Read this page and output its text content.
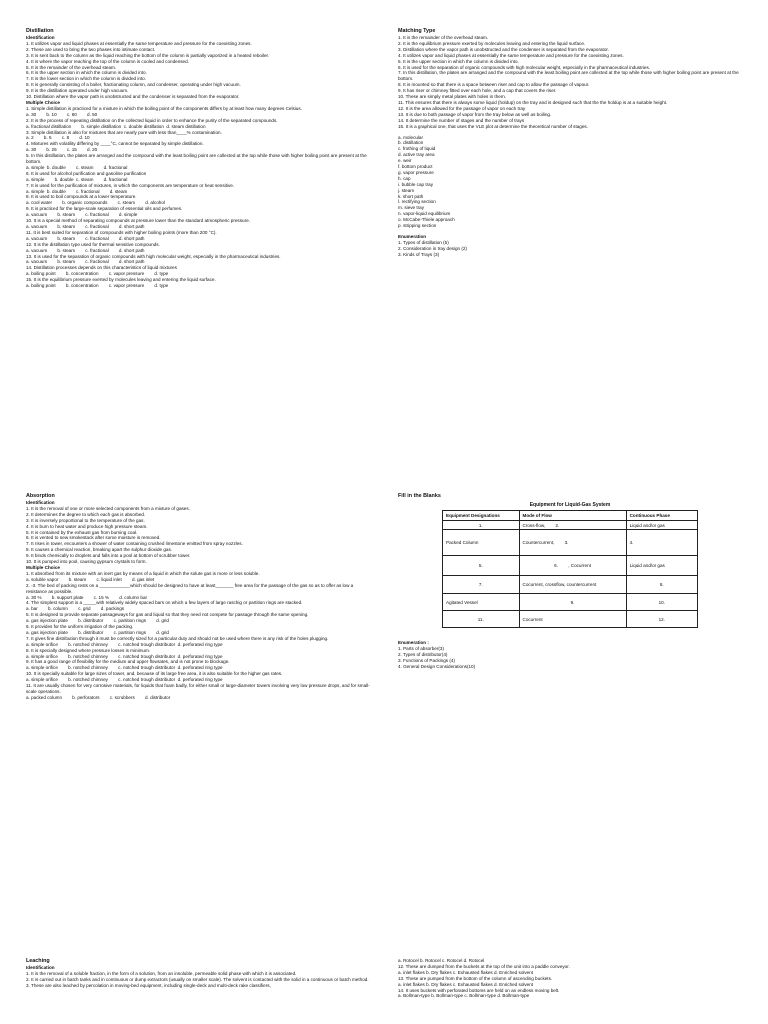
Distillation
Identification

1. It utilizes vapor and liquid phases at essentially the same temperature and pressure for the coexisting zones.

2. These are used to bring the two phases into intimate contact.

3. It is sent back to the column as the liquid reaching the bottom of the column is partially vaporized in a heated reboiler.

4. It is where the vapor reaching the top of the column is cooled and condensed.

5. It is the remainder of the overhead steam.

6. It is the upper section in which the column is divided into.

7. It is the lower section in which the column is divided into.

8. It is generally consisting of a boiler, fractionating column, and condenser, operating under high vacuum.

9. It is the distillation operated under high vacuum.

10. Distillation where the vapor path is unobstructed and the condenser is separated from the evaporator.

Multiple Choice

1. Simple distillation is practiced for a mixture in which the boiling point of the components differs by at least how many degrees Celsius.

a. 30        b. 10        c. 60        d. 50

2. It is the process of repeating distillation on the collected liquid in order to enhance the purity of the separated compounds.

a. fractional distillation        b. simple distillation  c. double distillation  d. steam distillation

3. Simple distillation is also for mixtures that are nearly pure with less than____% contamination.

a. 2        b. 5        c. 8        d. 10

4. Mixtures with volatility differing by ____°C, cannot be separated by simple distillation.

a. 30        b. 25        c. 15        d. 20

5. In this distillation, the plates are arranged and the compound with the least boiling point are collected at the top while those with higher boiling point are present at the bottom.

a. simple  b. double        c. steam        d. fractional

6. It is used for alcohol purification and gasoline purification

a. simple        b. double  c. steam        d. fractional

7. It is used for the purification of mixtures, in which the components are temperature or heat sensitive.

a. simple  b. double        c. fractional        d. steam

8. It is used to boil compounds at a lower temperature.

a. cool water        b. organic compounds        c. steam        d. alcohol

9. It is practiced for the large-scale separation of essential oils and perfumes.

a. vacuum        b. steam        c. fractional        d. simple

10. It is a special method of separating compounds at pressure lower than the standard atmospheric pressure.

a. vacuum        b. steam        c. fractional        d. short path

11. It is best suited for separation of compounds with higher boiling points (more than 200 °C).

a. vacuum        b. steam        c. fractional        d. short path

12. It is the distillation type used for thermal sensitive compounds.

a. vacuum        b. steam        c. fractional        d. short path

13. It is used for the separation of organic compounds with high molecular weight, especially in the pharmaceutical industries.

a. vacuum        b. steam        c. fractional        d. short path

14. Distillation processes depends on this characteristics of liquid mixtures

a. boiling point        b. concentration        c. vapor pressure        d. type

15. It is the equilibrium pressure exerted by molecules leaving and entering the liquid surface.

a. boiling point        b. concentration        c. vapor pressure        d. type

Matching Type

1. It is the remainder of the overhead steam.

2. It is the equilibrium pressure exerted by molecules leaving and entering the liquid surface.

3. Distillation where the vapor path is unobstructed and the condenser is separated from the evaporator.

4. It utilizes vapor and liquid phases at essentially the same temperature and pressure for the coexisting zones.

5. It is the upper section in which the column is divided into.

6. It is used for the separation of organic compounds with high molecular weight, especially in the pharmaceutical industries.

7. In this distillation, the plates are arranged and the compound with the least boiling point are collected at the top while those with higher boiling point are present at the bottom.

8. It is mounted so that there is a space between riser and cap to allow the passage of vapour.

9. It has riser or chimney fitted over each hole, and a cap that covers the riser.

10. These are simply metal plates with holes in them.

11. This ensures that there is always some liquid (holdup) on the tray and is designed such that the the holdup is at a suitable height.

12. It is the area allowed for the passage of vapor on each tray

13. It is due to both passage of vapor from the tray below as well as boiling.

14. It determine the number of stages and the number of trays

15. It is a graphical one, that uses the VLE plot at determine the theoretical number of stages.

a. molecular

b. distillation

c. frothing of liquid

d. active tray area

e. weir

f. bottom product

g. vapor pressure

h. cap

i. bubble cap tray

j. steam

k. short path

l. rectifying section

m. sieve tray

n. vapor-liquid equilibrium

o. McCabe-Thiele approach

p. stripping section

Enumeration

1. Types of distillation (5)

2. Consideration in tray design (2)

3. Kinds of Trays (3)

Absorption
Identification

1. It is the removal of one or more selected components from a mixture of gases.

2. It determines the degree to which each gas is absorbed.

3. It is inversely proportional to the temperature of the gas.

4. It is burn to heat water and produce high pressure steam.

5. It is contained by the exhaust gas from burning coal.

6. It is vented to new smokestack after some moisture is removed.

7. It rises in tower, encounters a shower of water containing crushed limestone emitted from spray nozzles.

8. It causes a chemical reaction, breaking apart the sulphur dioxide gas.

9. It binds chemically to droplets and falls into a pool at bottom of scrubber tower.

10. It is pumped into pool, causing gypsum crystals to form.

Multiple Choice

1. It absorbed from its mixture with an inert gas by means of a liquid in which the solute gas is more or less soluble.

a. soluble vapor        b. steam        c. liquid inlet        d. gas inlet

2. -3. The bed of packing rests on a ____________which should be designed to have at least_______ free area for the passage of the gas so as to offer as low a resistance as possible.

a. 30 %        b. support plate        c. 15 %        d. column bar

4. The simplest support is a _____with relatively widely spaced bars on which a few layers of large raschig or partition rings are stacked.

a. bar        b. column        c. grid        d. packings

5. It is designed to provide separate passageways for gas and liquid so that they need not compete for passage through the same opening.

a. gas injection plate        b. distributor        c. partition rings        d. grid

6. It provides for the uniform irrigation of the packing.

a. gas injection plate        b. distributor        c. partition rings        d. grid

7. It gives fine distribution through it must be correctly sized for a particular duty and should not be used where there is any risk of the holes plugging.

a. simple orifice        b. notched chimney        c. notched trough distributor  d. perforated ring type

8. It is specially designed where pressure losses is minimum.

a. simple orifice        b. notched chimney        c. notched trough distributor  d. perforated ring type

9. It has a good range of flexibility for the medium and upper flowrates, and is not prone to blockage.

a. simple orifice        b. notched chimney        c. notched trough distributor  d. perforated ring type

10. It is specially suitable for large sizes of tower, and, because of its large free area, it is also suitable for the higher gas rates.

a. simple orifice        b. notched chimney        c. notched trough distributor  d. perforated ring type

11. It are usually chosen for very corrosive materials, for liquids that foam badly, for either small or large-diameter towers involving very low pressure drops, and for small-scale operations.

a. packed column        b. perforators        c. scrubbers        d. distributor

Fill in the Blanks
Equipment for Liquid-Gas System
Equipment Designations	Mode of Flow	Continuous Phase
1.	Cross-flow,        2.	Liquid and/or gas
Packed Column	Countercurrent,        3.	4.
5.	6.        , Cocurrent	Liquid and/or gas
7.	Cocurrent, crossflow, countercurrent	8.
Agitated Vessel	9.	10.
11.	Cocurrent	12.
Enumeration :

1. Parts of absorber(3)

2. Types of distributor(4)

3. Functions of Packings (4)

4. General Design Considerations(10)

Leaching
Identification

1. It is the removal of a soluble fraction, in the form of a solution, from an insoluble, permeable solid phase with which it is associated.

2. It is carried out in batch tanks and in continuous or dump extractors (usually on smaller scale). The solvent is contacted with the solid in a continuous or batch method.

3. These are also leached by percolation in moving-bed equipment, including single-deck and multi-deck rake classifiers,

a. Rotocel b. Rotocel c. Rotocel d. Rotocel

12. These are dumped from the buckets at the top of the unit into a paddle conveyor.

a. inlet flakes b. Dry flakes c. Exhausted flakes d. Enriched solvent

13. These are pumped from the bottom of the column of ascending buckets.

a. inlet flakes b. Dry flakes c. Exhausted flakes d. Enriched solvent

14. It uses buckets with perforated bottoms are held on an endless moving belt.

a. Bollman-type b. Bollman-type c. Bollman-type d. Bollman-type
